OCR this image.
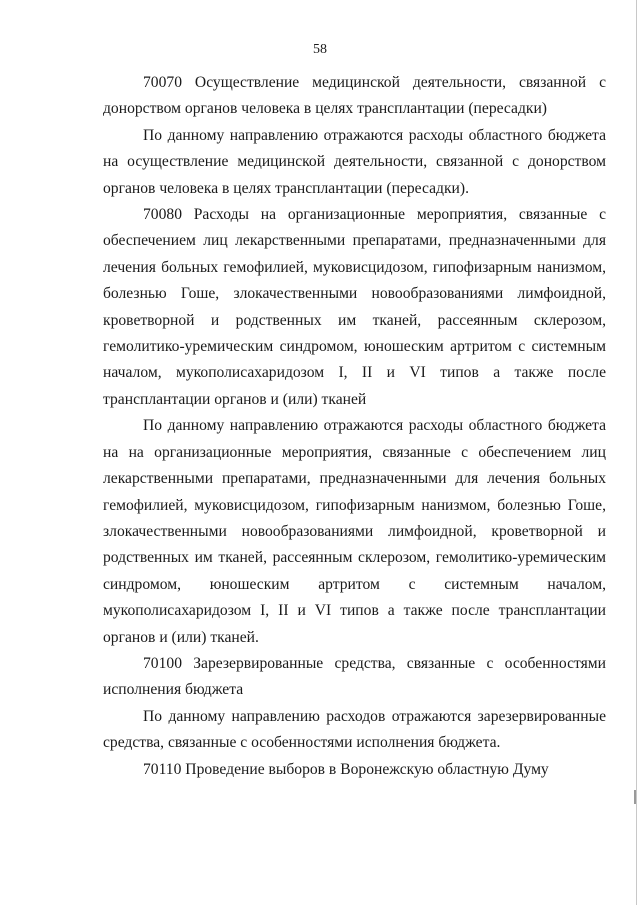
58

70070 Осуществление медицинской деятельности, связанной с донорством органов человека в целях трансплантации (пересадки)

По данному направлению отражаются расходы областного бюджета на осуществление медицинской деятельности, связанной с донорством органов человека в целях трансплантации (пересадки).

70080 Расходы на организационные мероприятия, связанные с обеспечением лиц лекарственными препаратами, предназначенными для лечения больных гемофилией, муковисцидозом, гипофизарным нанизмом, болезнью Гоше, злокачественными новообразованиями лимфоидной, кроветворной и родственных им тканей, рассеянным склерозом, гемолитико-уремическим синдромом, юношеским артритом с системным началом, мукополисахаридозом I, II и VI типов а также после трансплантации органов и (или) тканей

По данному направлению отражаются расходы областного бюджета на на организационные мероприятия, связанные с обеспечением лиц лекарственными препаратами, предназначенными для лечения больных гемофилией, муковисцидозом, гипофизарным нанизмом, болезнью Гоше, злокачественными новообразованиями лимфоидной, кроветворной и родственных им тканей, рассеянным склерозом, гемолитико-уремическим синдромом, юношеским артритом с системным началом, мукополисахаридозом I, II и VI типов а также после трансплантации органов и (или) тканей.

70100 Зарезервированные средства, связанные с особенностями исполнения бюджета

По данному направлению расходов отражаются зарезервированные средства, связанные с особенностями исполнения бюджета.

70110 Проведение выборов в Воронежскую областную Думу
